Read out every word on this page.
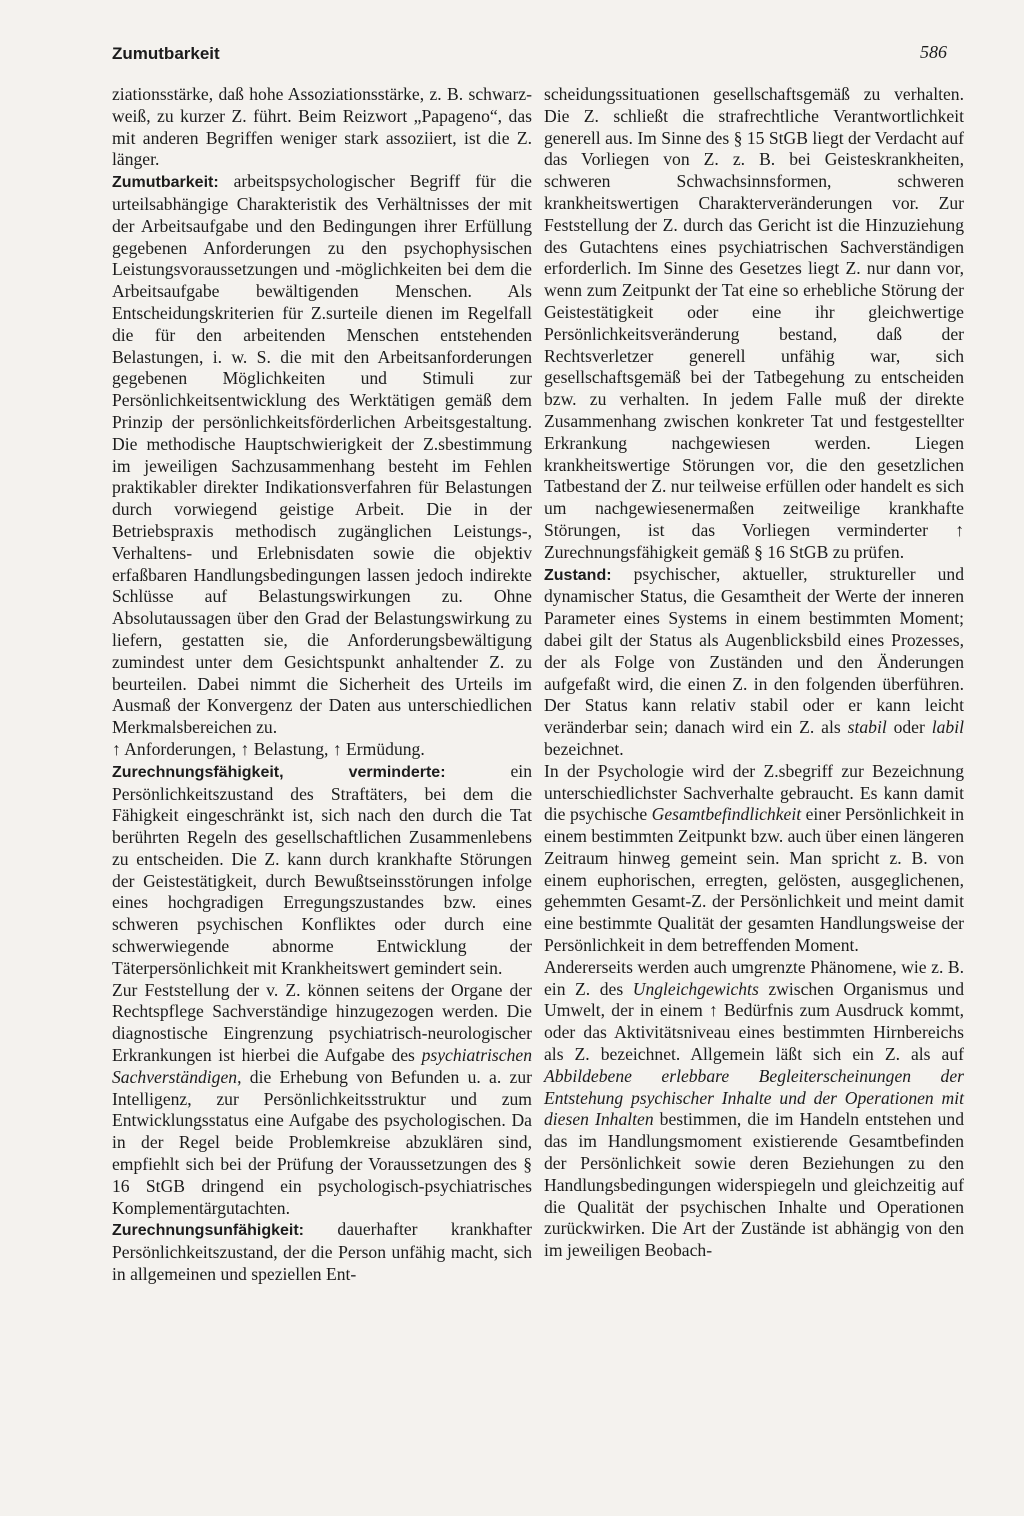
Zumutbarkeit	586

ziationsstärke, daß hohe Assoziationsstärke, z. B. schwarz-weiß, zu kurzer Z. führt. Beim Reizwort „Papageno“, das mit anderen Begriffen weniger stark assoziiert, ist die Z. länger.

Zumutbarkeit: arbeitspsychologischer Begriff für die urteilsabhängige Charakteristik des Verhältnisses der mit der Arbeitsaufgabe und den Bedingungen ihrer Erfüllung gegebenen Anforderungen zu den psychophysischen Leistungsvoraussetzungen und -möglichkeiten bei dem die Arbeitsaufgabe bewältigenden Menschen. Als Entscheidungskriterien für Z.surteile dienen im Regelfall die für den arbeitenden Menschen entstehenden Belastungen, i. w. S. die mit den Arbeitsanforderungen gegebenen Möglichkeiten und Stimuli zur Persönlichkeitsentwicklung des Werktätigen gemäß dem Prinzip der persönlichkeitsförderlichen Arbeitsgestaltung. Die methodische Hauptschwierigkeit der Z.sbestimmung im jeweiligen Sachzusammenhang besteht im Fehlen praktikabler direkter Indikationsverfahren für Belastungen durch vorwiegend geistige Arbeit. Die in der Betriebspraxis methodisch zugänglichen Leistungs-, Verhaltens- und Erlebnisdaten sowie die objektiv erfaßbaren Handlungsbedingungen lassen jedoch indirekte Schlüsse auf Belastungswirkungen zu. Ohne Absolutaussagen über den Grad der Belastungswirkung zu liefern, gestatten sie, die Anforderungsbewältigung zumindest unter dem Gesichtspunkt anhaltender Z. zu beurteilen. Dabei nimmt die Sicherheit des Urteils im Ausmaß der Konvergenz der Daten aus unterschiedlichen Merkmalsbereichen zu.

↑ Anforderungen, ↑ Belastung, ↑ Ermüdung.

Zurechnungsfähigkeit, verminderte: ein Persönlichkeitszustand des Straftäters, bei dem die Fähigkeit eingeschränkt ist, sich nach den durch die Tat berührten Regeln des gesellschaftlichen Zusammenlebens zu entscheiden. Die Z. kann durch krankhafte Störungen der Geistestätigkeit, durch Bewußtseinsstörungen infolge eines hochgradigen Erregungszustandes bzw. eines schweren psychischen Konfliktes oder durch eine schwerwiegende abnorme Entwicklung der Täterpersönlichkeit mit Krankheitswert gemindert sein.

Zur Feststellung der v. Z. können seitens der Organe der Rechtspflege Sachverständige hinzugezogen werden. Die diagnostische Eingrenzung psychiatrisch-neurologischer Erkrankungen ist hierbei die Aufgabe des psychiatrischen Sachverständigen, die Erhebung von Befunden u. a. zur Intelligenz, zur Persönlichkeitsstruktur und zum Entwicklungsstatus eine Aufgabe des psychologischen. Da in der Regel beide Problemkreise abzuklären sind, empfiehlt sich bei der Prüfung der Voraussetzungen des § 16 StGB dringend ein psychologisch-psychiatrisches Komplementärgutachten.

Zurechnungsunfähigkeit: dauerhafter krankhafter Persönlichkeitszustand, der die Person unfähig macht, sich in allgemeinen und speziellen Ent-

scheidungssituationen gesellschaftsgemäß zu verhalten. Die Z. schließt die strafrechtliche Verantwortlichkeit generell aus. Im Sinne des § 15 StGB liegt der Verdacht auf das Vorliegen von Z. z. B. bei Geisteskrankheiten, schweren Schwachsinnsformen, schweren krankheitswertigen Charakterveränderungen vor. Zur Feststellung der Z. durch das Gericht ist die Hinzuziehung des Gutachtens eines psychiatrischen Sachverständigen erforderlich. Im Sinne des Gesetzes liegt Z. nur dann vor, wenn zum Zeitpunkt der Tat eine so erhebliche Störung der Geistestätigkeit oder eine ihr gleichwertige Persönlichkeitsveränderung bestand, daß der Rechtsverletzer generell unfähig war, sich gesellschaftsgemäß bei der Tatbegehung zu entscheiden bzw. zu verhalten. In jedem Falle muß der direkte Zusammenhang zwischen konkreter Tat und festgestellter Erkrankung nachgewiesen werden. Liegen krankheitswertige Störungen vor, die den gesetzlichen Tatbestand der Z. nur teilweise erfüllen oder handelt es sich um nachgewiesenermaßen zeitweilige krankhafte Störungen, ist das Vorliegen verminderter ↑ Zurechnungsfähigkeit gemäß § 16 StGB zu prüfen.

Zustand: psychischer, aktueller, struktureller und dynamischer Status, die Gesamtheit der Werte der inneren Parameter eines Systems in einem bestimmten Moment; dabei gilt der Status als Augenblicksbild eines Prozesses, der als Folge von Zuständen und den Änderungen aufgefaßt wird, die einen Z. in den folgenden überführen. Der Status kann relativ stabil oder er kann leicht veränderbar sein; danach wird ein Z. als stabil oder labil bezeichnet.

In der Psychologie wird der Z.sbegriff zur Bezeichnung unterschiedlichster Sachverhalte gebraucht. Es kann damit die psychische Gesamtbefindlichkeit einer Persönlichkeit in einem bestimmten Zeitpunkt bzw. auch über einen längeren Zeitraum hinweg gemeint sein. Man spricht z. B. von einem euphorischen, erregten, gelösten, ausgeglichenen, gehemmten Gesamt-Z. der Persönlichkeit und meint damit eine bestimmte Qualität der gesamten Handlungsweise der Persönlichkeit in dem betreffenden Moment.

Andererseits werden auch umgrenzte Phänomene, wie z. B. ein Z. des Ungleichgewichts zwischen Organismus und Umwelt, der in einem ↑ Bedürfnis zum Ausdruck kommt, oder das Aktivitätsniveau eines bestimmten Hirnbereichs als Z. bezeichnet. Allgemein läßt sich ein Z. als auf Abbildebene erlebbare Begleiterscheinungen der Entstehung psychischer Inhalte und der Operationen mit diesen Inhalten bestimmen, die im Handeln entstehen und das im Handlungsmoment existierende Gesamtbefinden der Persönlichkeit sowie deren Beziehungen zu den Handlungsbedingungen widerspiegeln und gleichzeitig auf die Qualität der psychischen Inhalte und Operationen zurückwirken. Die Art der Zustände ist abhängig von den im jeweiligen Beobach-
